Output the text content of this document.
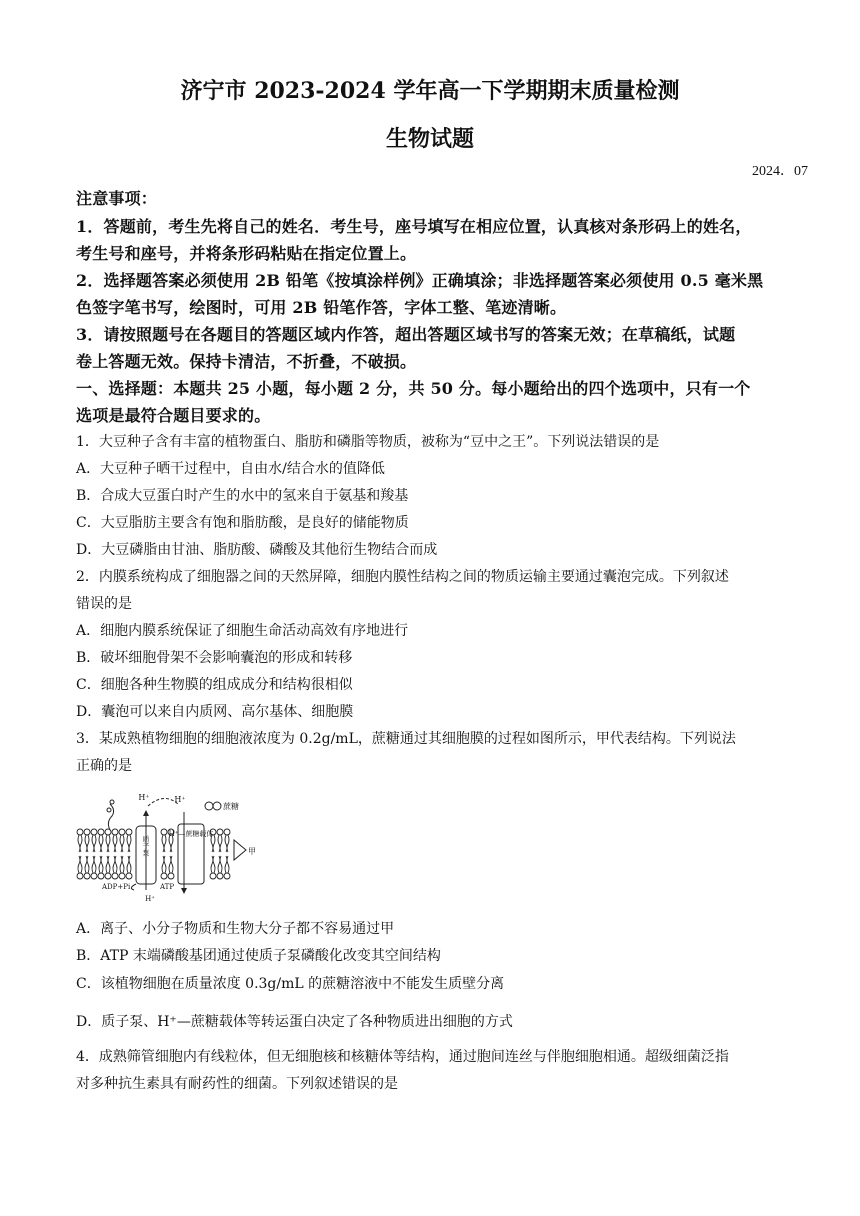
济宁市 2023-2024 学年高一下学期期末质量检测
生物试题
2024．07
注意事项：
1．答题前，考生先将自己的姓名．考生号，座号填写在相应位置，认真核对条形码上的姓名，
考生号和座号，并将条形码粘贴在指定位置上。
2．选择题答案必须使用 2B 铅笔《按填涂样例》正确填涂；非选择题答案必须使用 0.5 毫米黑
色签字笔书写，绘图时，可用 2B 铅笔作答，字体工整、笔迹清晰。
3．请按照题号在各题目的答题区域内作答，超出答题区域书写的答案无效；在草稿纸，试题
卷上答题无效。保持卡清洁，不折叠，不破损。
一、选择题：本题共 25 小题，每小题 2 分，共 50 分。每小题给出的四个选项中，只有一个
选项是最符合题目要求的。
1．大豆种子含有丰富的植物蛋白、脂肪和磷脂等物质，被称为“豆中之王”。下列说法错误的是
A．大豆种子晒干过程中，自由水/结合水的值降低
B．合成大豆蛋白时产生的水中的氢来自于氨基和羧基
C．大豆脂肪主要含有饱和脂肪酸，是良好的储能物质
D．大豆磷脂由甘油、脂肪酸、磷酸及其他衍生物结合而成
2．内膜系统构成了细胞器之间的天然屏障，细胞内膜性结构之间的物质运输主要通过囊泡完成。下列叙述
错误的是
A．细胞内膜系统保证了细胞生命活动高效有序地进行
B．破坏细胞骨架不会影响囊泡的形成和转移
C．细胞各种生物膜的组成成分和结构很相似
D．囊泡可以来自内质网、高尔基体、细胞膜
3．某成熟植物细胞的细胞液浓度为 0.2g/mL，蔗糖通过其细胞膜的过程如图所示，甲代表结构。下列说法
正确的是
质子泵
H⁺—蔗糖载体
H⁺	H⁺
蔗糖
H⁺
ADP+Pi	ATP
甲
A．离子、小分子物质和生物大分子都不容易通过甲
B．ATP 末端磷酸基团通过使质子泵磷酸化改变其空间结构
C．该植物细胞在质量浓度 0.3g/mL 的蔗糖溶液中不能发生质壁分离
D．质子泵、H⁺—蔗糖载体等转运蛋白决定了各种物质进出细胞的方式
4．成熟筛管细胞内有线粒体，但无细胞核和核糖体等结构，通过胞间连丝与伴胞细胞相通。超级细菌泛指
对多种抗生素具有耐药性的细菌。下列叙述错误的是
